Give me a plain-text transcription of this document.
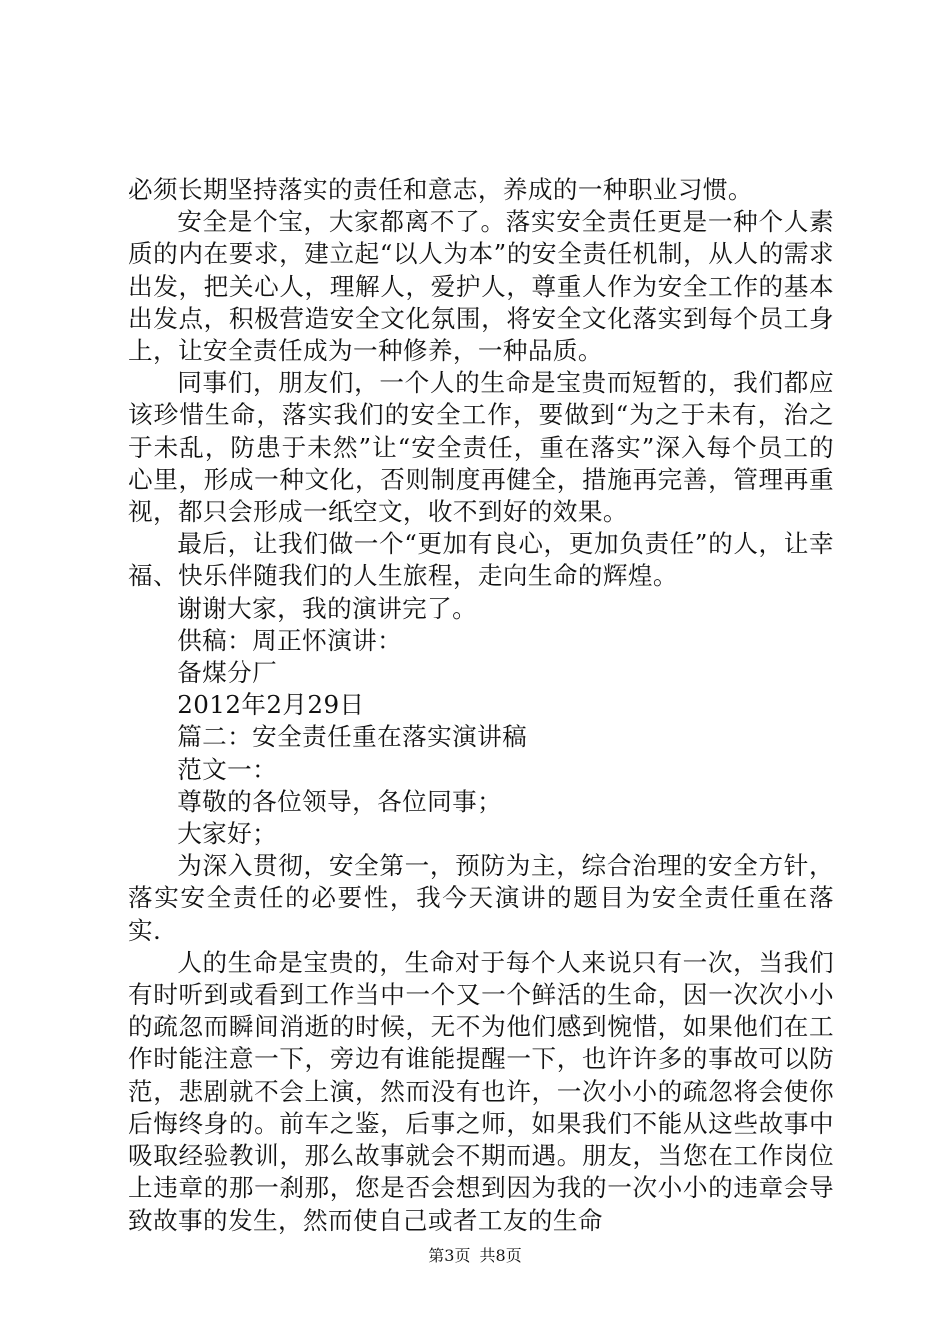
必须长期坚持落实的责任和意志，养成的一种职业习惯。

安全是个宝，大家都离不了。落实安全责任更是一种个人素质的内在要求，建立起“以人为本”的安全责任机制，从人的需求出发，把关心人，理解人，爱护人，尊重人作为安全工作的基本出发点，积极营造安全文化氛围，将安全文化落实到每个员工身上，让安全责任成为一种修养，一种品质。

同事们，朋友们，一个人的生命是宝贵而短暂的，我们都应该珍惜生命，落实我们的安全工作，要做到“为之于未有，治之于未乱，防患于未然”让“安全责任，重在落实”深入每个员工的心里，形成一种文化，否则制度再健全，措施再完善，管理再重视，都只会形成一纸空文，收不到好的效果。

最后，让我们做一个“更加有良心，更加负责任”的人，让幸福、快乐伴随我们的人生旅程，走向生命的辉煌。

谢谢大家，我的演讲完了。

供稿：周正怀演讲：

备煤分厂

2012年2月29日

篇二：安全责任重在落实演讲稿

范文一：

尊敬的各位领导，各位同事；

大家好；

为深入贯彻，安全第一，预防为主，综合治理的安全方针，落实安全责任的必要性，我今天演讲的题目为安全责任重在落实.

人的生命是宝贵的，生命对于每个人来说只有一次，当我们有时听到或看到工作当中一个又一个鲜活的生命，因一次次小小的疏忽而瞬间消逝的时候，无不为他们感到惋惜，如果他们在工作时能注意一下，旁边有谁能提醒一下，也许许多的事故可以防范，悲剧就不会上演，然而没有也许，一次小小的疏忽将会使你后悔终身的。前车之鉴，后事之师，如果我们不能从这些故事中吸取经验教训，那么故事就会不期而遇。朋友，当您在工作岗位上违章的那一刹那，您是否会想到因为我的一次小小的违章会导致故事的发生，然而使自己或者工友的生命

第3页 共8页
